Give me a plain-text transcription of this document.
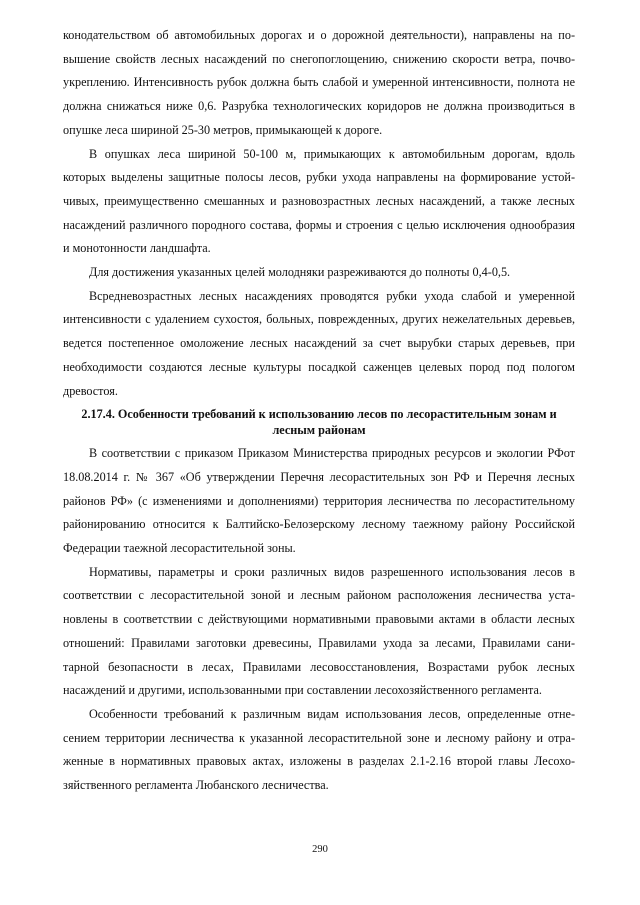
конодательством об автомобильных дорогах и о дорожной деятельности), направлены на повышение свойств лесных насаждений по снегопоглощению, снижению скорости ветра, почвоукреплению. Интенсивность рубок должна быть слабой и умеренной интенсивности, полнота не должна снижаться ниже 0,6. Разрубка технологических коридоров не должна производиться в опушке леса шириной 25-30 метров, примыкающей к дороге.

В опушках леса шириной 50-100 м, примыкающих к автомобильным дорогам, вдоль которых выделены защитные полосы лесов, рубки ухода направлены на формирование устойчивых, преимущественно смешанных и разновозрастных лесных насаждений, а также лесных насаждений различного породного состава, формы и строения с целью исключения однообразия и монотонности ландшафта.

Для достижения указанных целей молодняки разреживаются до полноты 0,4-0,5.

Всредневозрастных лесных насаждениях проводятся рубки ухода слабой и умеренной интенсивности с удалением сухостоя, больных, поврежденных, других нежелательных деревьев, ведется постепенное омоложение лесных насаждений за счет вырубки старых деревьев, при необходимости создаются лесные культуры посадкой саженцев целевых пород под пологом древостоя.

2.17.4. Особенности требований к использованию лесов по лесорастительным зонам и лесным районам

В соответствии с приказом Приказом Министерства природных ресурсов и экологии РФот 18.08.2014 г. № 367 «Об утверждении Перечня лесорастительных зон РФ и Перечня лесных районов РФ» (с изменениями и дополнениями) территория лесничества по лесорастительному районированию относится к Балтийско-Белозерскому лесному таежному району Российской Федерации таежной лесорастительной зоны.

Нормативы, параметры и сроки различных видов разрешенного использования лесов в соответствии с лесорастительной зоной и лесным районом расположения лесничества установлены в соответствии с действующими нормативными правовыми актами в области лесных отношений: Правилами заготовки древесины, Правилами ухода за лесами, Правилами санитарной безопасности в лесах, Правилами лесовосстановления, Возрастами рубок лесных насаждений и другими, использованными при составлении лесохозяйственного регламента.

Особенности требований к различным видам использования лесов, определенные отнесением территории лесничества к указанной лесорастительной зоне и лесному району и отраженные в нормативных правовых актах, изложены в разделах 2.1-2.16 второй главы Лесохозяйственного регламента Любанского лесничества.

290
